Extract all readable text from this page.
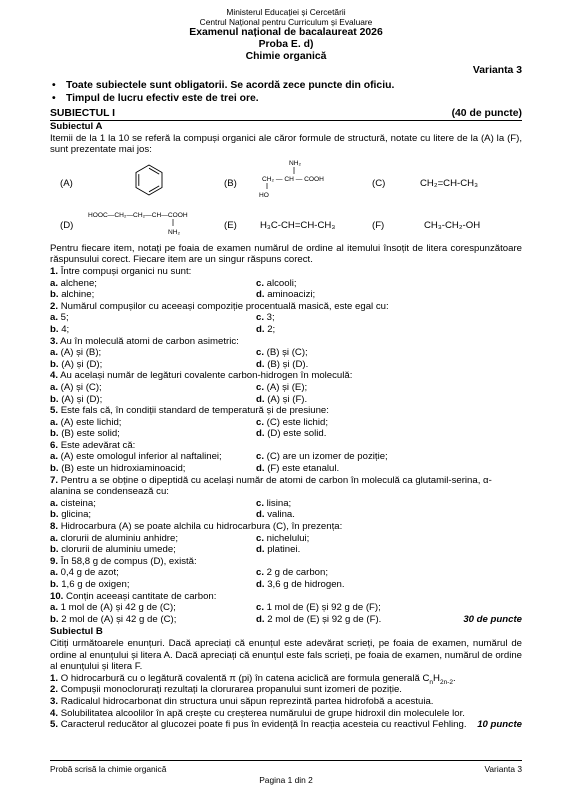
Ministerul Educației și Cercetării
Centrul Național pentru Curriculum și Evaluare
Examenul național de bacalaureat 2026
Proba E. d)
Chimie organică
Varianta 3
• Toate subiectele sunt obligatorii. Se acordă zece puncte din oficiu.
• Timpul de lucru efectiv este de trei ore.
SUBIECTUL I	(40 de puncte)
Subiectul A

Itemii de la 1 la 10 se referă la compuși organici ale căror formule de structură, notate cu litere de la (A) la (F), sunt prezentate mai jos:

(A)	(B)
NH₂
CH₂ — CH — COOH
HO
(C)	CH₂=CH-CH₃
(D)
HOOC—CH₂—CH₂—CH—COOH
NH₂
(E) H₃C-CH=CH-CH₃	(F)	CH₃-CH₂-OH

Pentru fiecare item, notați pe foaia de examen numărul de ordine al itemului însoțit de litera corespunzătoare răspunsului corect. Fiecare item are un singur răspuns corect.

1. Între compuși organici nu sunt:
a. alchene;	c. alcooli;
b. alchine;	d. aminoacizi;
2. Numărul compușilor cu aceeași compoziție procentuală masică, este egal cu:
a. 5;	c. 3;
b. 4;	d. 2;
3. Au în moleculă atomi de carbon asimetric:
a. (A) și (B);	c. (B) și (C);
b. (A) și (D);	d. (B) și (D).
4. Au același număr de legături covalente carbon-hidrogen în moleculă:
a. (A) și (C);	c. (A) și (E);
b. (A) și (D);	d. (A) și (F).
5. Este fals că, în condiții standard de temperatură și de presiune:
a. (A) este lichid;	c. (C) este lichid;
b. (B) este solid;	d. (D) este solid.
6. Este adevărat că:
a. (A) este omologul inferior al naftalinei;	c. (C) are un izomer de poziție;
b. (B) este un hidroxiaminoacid;	d. (F) este etanalul.
7. Pentru a se obține o dipeptidă cu același număr de atomi de carbon în moleculă ca glutamil-serina, α-alanina se condensează cu:
a. cisteina;	c. lisina;
b. glicina;	d. valina.
8. Hidrocarbura (A) se poate alchila cu hidrocarbura (C), în prezența:
a. clorurii de aluminiu anhidre;	c. nichelului;
b. clorurii de aluminiu umede;	d. platinei.
9. În 58,8 g de compus (D), există:
a. 0,4 g de azot;	c. 2 g de carbon;
b. 1,6 g de oxigen;	d. 3,6 g de hidrogen.
10. Conțin aceeași cantitate de carbon:
a. 1 mol de (A) și 42 g de (C);	c. 1 mol de (E) și 92 g de (F);
b. 2 mol de (A) și 42 g de (C);	d. 2 mol de (E) și 92 g de (F).	30 de puncte
Subiectul B

Citiți următoarele enunțuri. Dacă apreciați că enunțul este adevărat scrieți, pe foaia de examen, numărul de ordine al enunțului și litera A. Dacă apreciați că enunțul este fals scrieți, pe foaia de examen, numărul de ordine al enunțului și litera F.

1. O hidrocarbură cu o legătură covalentă π (pi) în catena aciclică are formula generală $C_nH_{2n-2}$.
2. Compușii monoclorurați rezultați la clorurarea propanului sunt izomeri de poziție.
3. Radicalul hidrocarbonat din structura unui săpun reprezintă partea hidrofobă a acestuia.
4. Solubilitatea alcoolilor în apă crește cu creșterea numărului de grupe hidroxil din moleculele lor.
5. Caracterul reducător al glucozei poate fi pus în evidență în reacția acesteia cu reactivul Fehling. 10 puncte
Probă scrisă la chimie organică	Varianta 3
Pagina 1 din 2
